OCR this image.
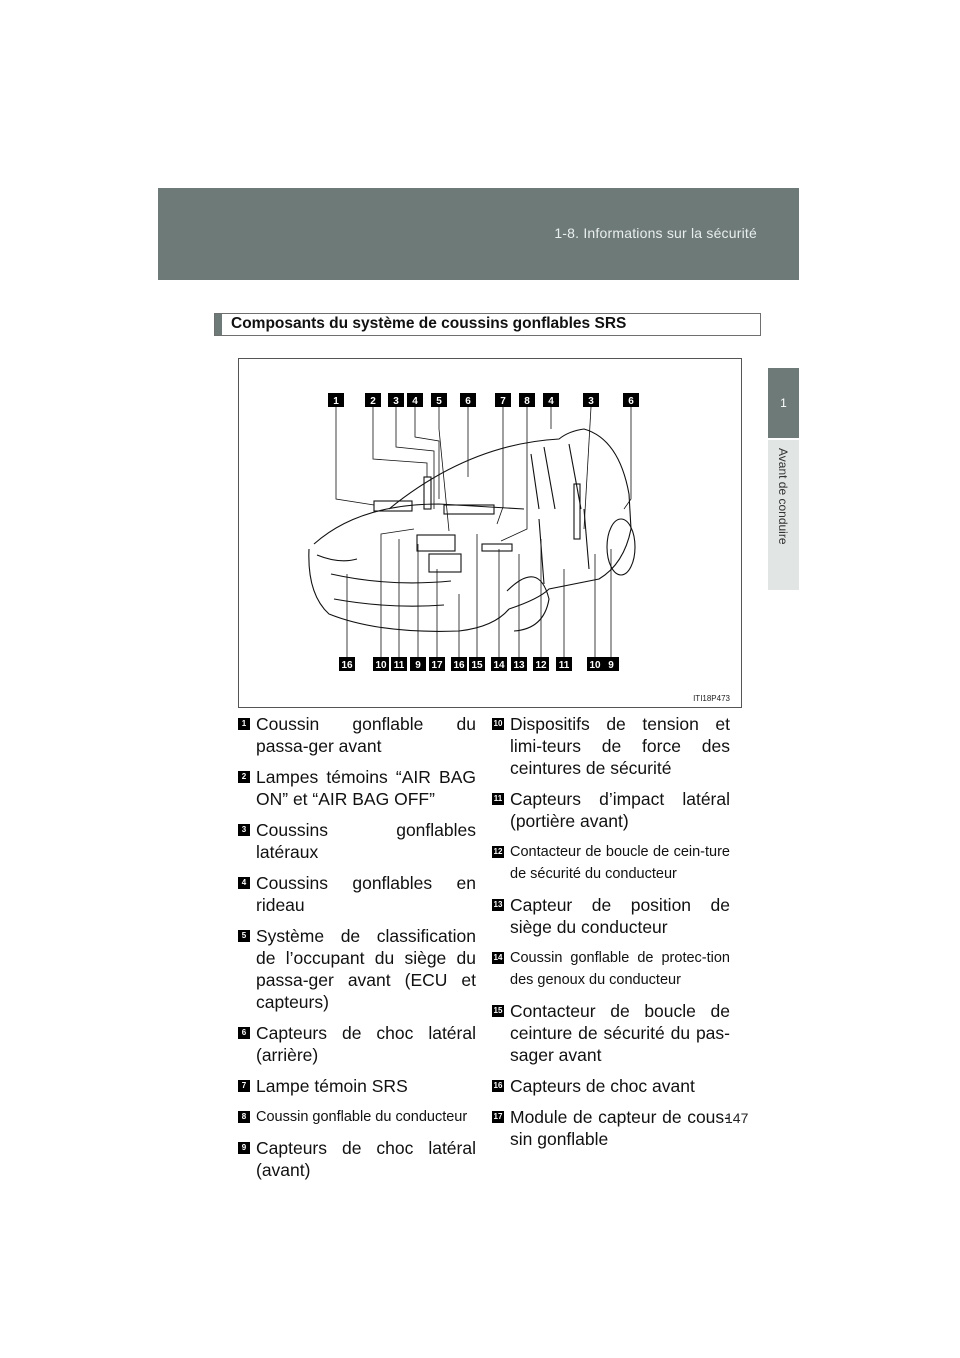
1-8. Informations sur la sécurité
1
Avant de conduire
Composants du système de coussins gonflables SRS
1	2 3 4 5 6	7 8 4	3	6
16 10 11 9 17 16 15 14 13 12 11 10 9
ITI18P473
1 Coussin gonflable du passa-ger avant
2 Lampes témoins “AIR BAG ON” et “AIR BAG OFF”
3 Coussins gonflables latéraux
4 Coussins gonflables en rideau
5 Système de classification de l’occupant du siège du passa-ger avant (ECU et capteurs)
6 Capteurs de choc latéral (arrière)
7 Lampe témoin SRS
8 Coussin gonflable du conducteur
9 Capteurs de choc latéral (avant)
10 Dispositifs de tension et limi-teurs de force des ceintures de sécurité
11 Capteurs d’impact latéral (portière avant)
12 Contacteur de boucle de cein-ture de sécurité du conducteur
13 Capteur de position de siège du conducteur
14 Coussin gonflable de protec-tion des genoux du conducteur
15 Contacteur de boucle de ceinture de sécurité du pas-sager avant
16 Capteurs de choc avant
17 Module de capteur de cous-sin gonflable
147
